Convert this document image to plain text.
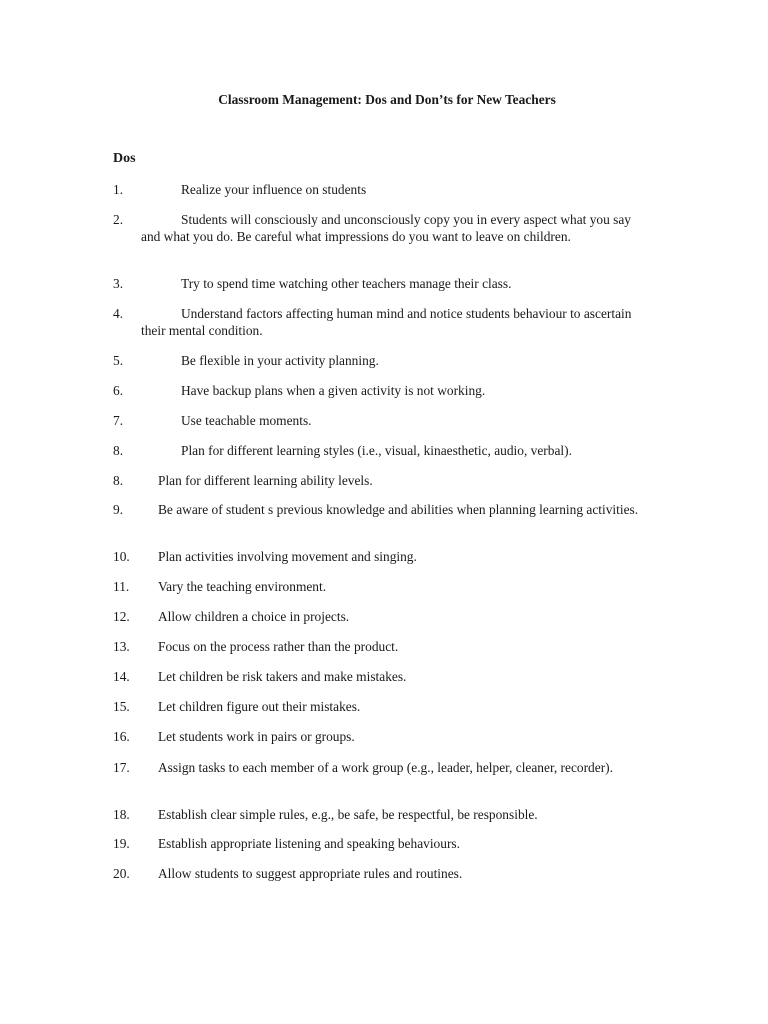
Classroom Management: Dos and Don’ts for New Teachers
Dos
1.	Realize your influence on students
2.	Students will consciously and unconsciously copy you in every aspect what you say and what you do. Be careful what impressions do you want to leave on children.
3.	Try to spend time watching other teachers manage their class.
4.	Understand factors affecting human mind and notice students behaviour to ascertain their mental condition.
5.	Be flexible in your activity planning.
6.	Have backup plans when a given activity is not working.
7.	Use teachable moments.
8.	Plan for different learning styles (i.e., visual, kinaesthetic, audio, verbal).
8.	Plan for different learning ability levels.
9.	Be aware of student s previous knowledge and abilities when planning learning activities.
10.	Plan activities involving movement and singing.
11.	Vary the teaching environment.
12.	Allow children a choice in projects.
13.	Focus on the process rather than the product.
14.	Let children be risk takers and make mistakes.
15.	Let children figure out their mistakes.
16.	Let students work in pairs or groups.
17.	Assign tasks to each member of a work group (e.g., leader, helper, cleaner, recorder).
18.	Establish clear simple rules, e.g., be safe, be respectful, be responsible.
19.	Establish appropriate listening and speaking behaviours.
20.	Allow students to suggest appropriate rules and routines.
